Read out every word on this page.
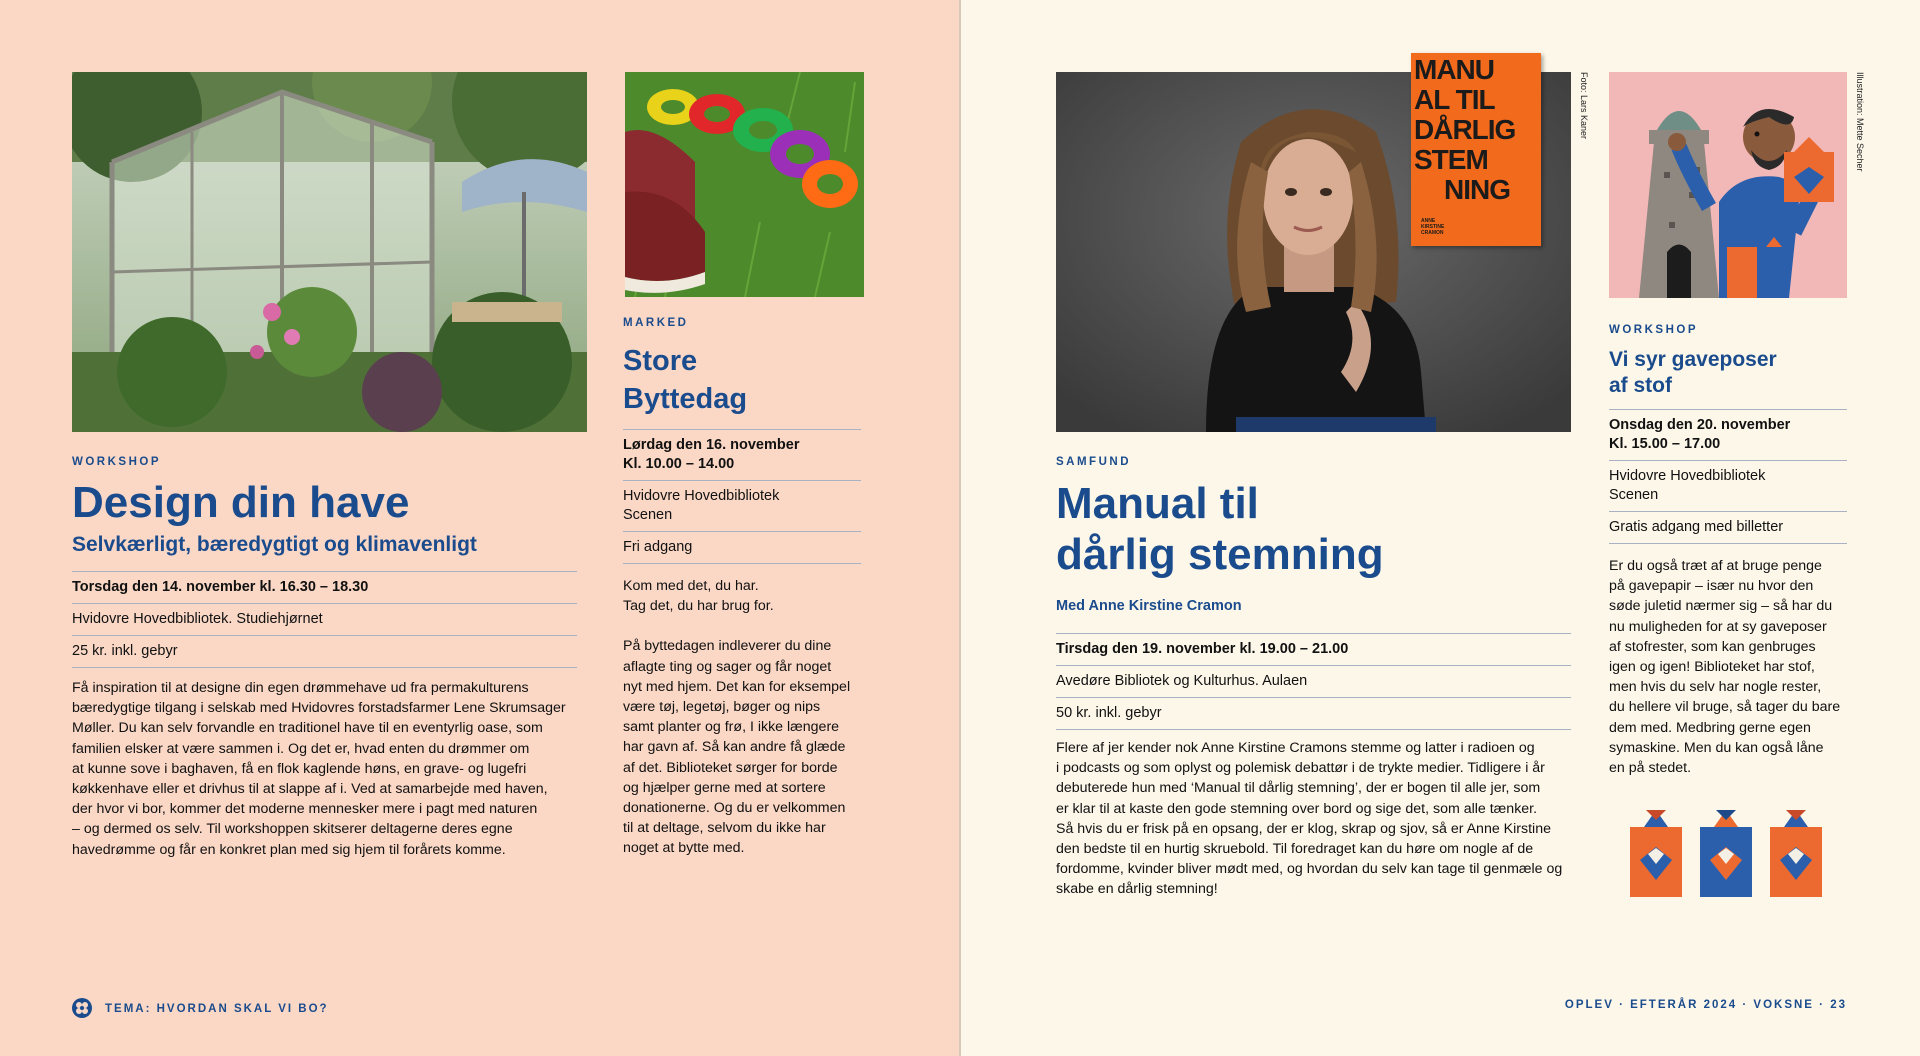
WORKSHOP
Design din have
Selvkærligt, bæredygtigt og klimavenligt
Torsdag den 14. november kl. 16.30 – 18.30
Hvidovre Hovedbibliotek. Studiehjørnet
25 kr. inkl. gebyr
Få inspiration til at designe din egen drømmehave ud fra permakulturens
bæredygtige tilgang i selskab med Hvidovres forstadsfarmer Lene Skrumsager
Møller. Du kan selv forvandle en traditionel have til en eventyrlig oase, som
familien elsker at være sammen i. Og det er, hvad enten du drømmer om
at kunne sove i baghaven, få en flok kaglende høns, en grave- og lugefri
køkkenhave eller et drivhus til at slappe af i. Ved at samarbejde med haven,
der hvor vi bor, kommer det moderne mennesker mere i pagt med naturen
– og dermed os selv. Til workshoppen skitserer deltagerne deres egne
havedrømme og får en konkret plan med sig hjem til forårets komme.
MARKED
Store
Byttedag
Lørdag den 16. november
Kl. 10.00 – 14.00
Hvidovre Hovedbibliotek
Scenen
Fri adgang
Kom med det, du har.
Tag det, du har brug for.
På byttedagen indleverer du dine
aflagte ting og sager og får noget
nyt med hjem. Det kan for eksempel
være tøj, legetøj, bøger og nips
samt planter og frø, I ikke længere
har gavn af. Så kan andre få glæde
af det. Biblioteket sørger for borde
og hjælper gerne med at sortere
donationerne. Og du er velkommen
til at deltage, selvom du ikke har
noget at bytte med.
TEMA: HVORDAN SKAL VI BO?
MANU
AL TIL
DÅRLIG
STEM
NING
ANNE
KIRSTINE
CRAMON
Foto: Lars Kaner	Illustration: Mette Secher
SAMFUND
Manual til
dårlig stemning
Med Anne Kirstine Cramon
Tirsdag den 19. november kl. 19.00 – 21.00
Avedøre Bibliotek og Kulturhus. Aulaen
50 kr. inkl. gebyr
Flere af jer kender nok Anne Kirstine Cramons stemme og latter i radioen og
i podcasts og som oplyst og polemisk debattør i de trykte medier. Tidligere i år
debuterede hun med ‘Manual til dårlig stemning’, der er bogen til alle jer, som
er klar til at kaste den gode stemning over bord og sige det, som alle tænker.
Så hvis du er frisk på en opsang, der er klog, skrap og sjov, så er Anne Kirstine
den bedste til en hurtig skruebold. Til foredraget kan du høre om nogle af de
fordomme, kvinder bliver mødt med, og hvordan du selv kan tage til genmæle og
skabe en dårlig stemning!
WORKSHOP
Vi syr gaveposer
af stof
Onsdag den 20. november
Kl. 15.00 – 17.00
Hvidovre Hovedbibliotek
Scenen
Gratis adgang med billetter
Er du også træt af at bruge penge
på gavepapir – især nu hvor den
søde juletid nærmer sig – så har du
nu muligheden for at sy gaveposer
af stofrester, som kan genbruges
igen og igen! Biblioteket har stof,
men hvis du selv har nogle rester,
du hellere vil bruge, så tager du bare
dem med. Medbring gerne egen
symaskine. Men du kan også låne
en på stedet.
OPLEV · EFTERÅR 2024 · VOKSNE · 23
